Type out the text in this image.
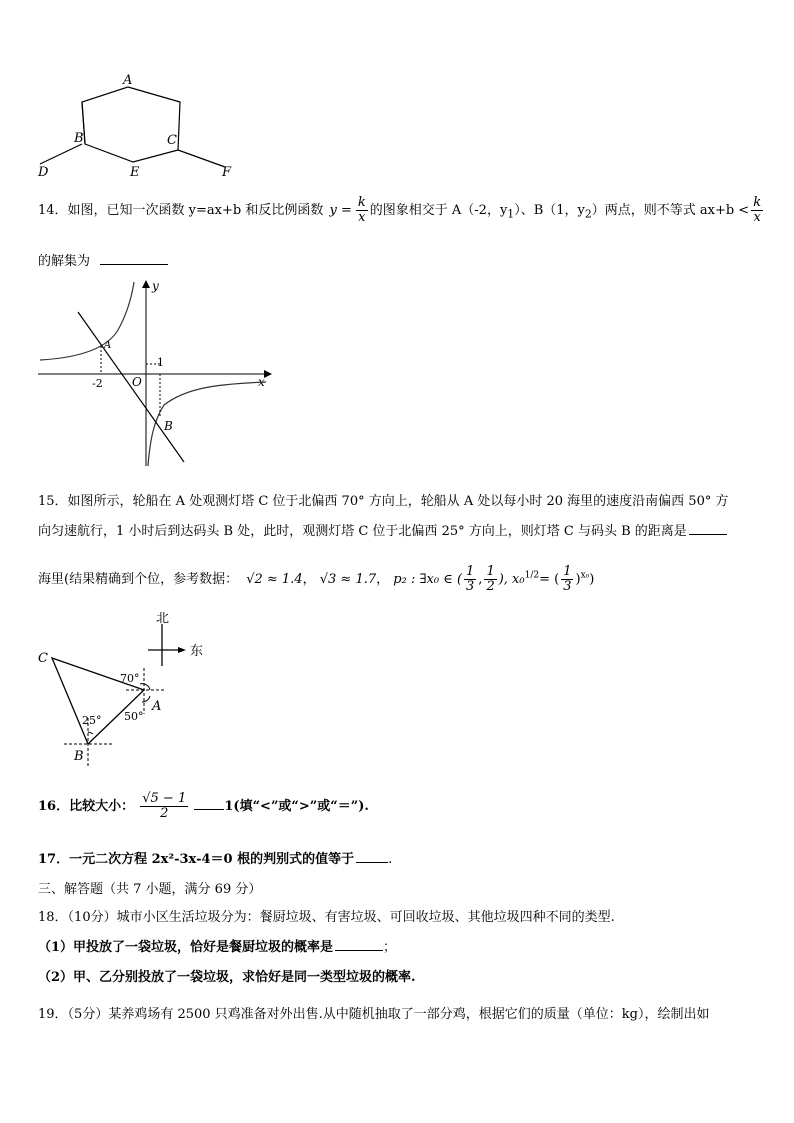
A
B	C
D	E	F
14．如图，已知一次函数 y=ax+b 和反比例函数 $y = \frac{k}{x}$ 的图象相交于 A（-2，$y_1$）、B（1，$y_2$）两点，则不等式 $ax+b < \frac{k}{x}$
的解集为
y
x
O
-2
1
A
B
15．如图所示，轮船在 A 处观测灯塔 C 位于北偏西 70° 方向上，轮船从 A 处以每小时 20 海里的速度沿南偏西 50° 方
向匀速航行，1 小时后到达码头 B 处，此时，观测灯塔 C 位于北偏西 25° 方向上，则灯塔 C 与码头 B 的距离是
海里(结果精确到个位，参考数据： √2 ≈ 1.4， √3 ≈ 1.7， p₂ : ∃x₀ ∈ ( $\frac{1}{3}$ , $\frac{1}{2}$ ), x₀$^{1/2}$= ( $\frac{1}{3} )^{x_0}$)
北
东
C
A
B
70°
50°
25°
16．比较大小： $\frac{√5 - 1}{2}$	1(填“<”或“>”或“＝”).
17．一元二次方程 2x²-3x-4＝0 根的判别式的值等于	.
三、解答题（共 7 小题，满分 69 分）
18．（10分）城市小区生活垃圾分为：餐厨垃圾、有害垃圾、可回收垃圾、其他垃圾四种不同的类型.
（1）甲投放了一袋垃圾，恰好是餐厨垃圾的概率是	；
（2）甲、乙分别投放了一袋垃圾，求恰好是同一类型垃圾的概率.
19．（5分）某养鸡场有 2500 只鸡准备对外出售.从中随机抽取了一部分鸡，根据它们的质量（单位：kg），绘制出如
